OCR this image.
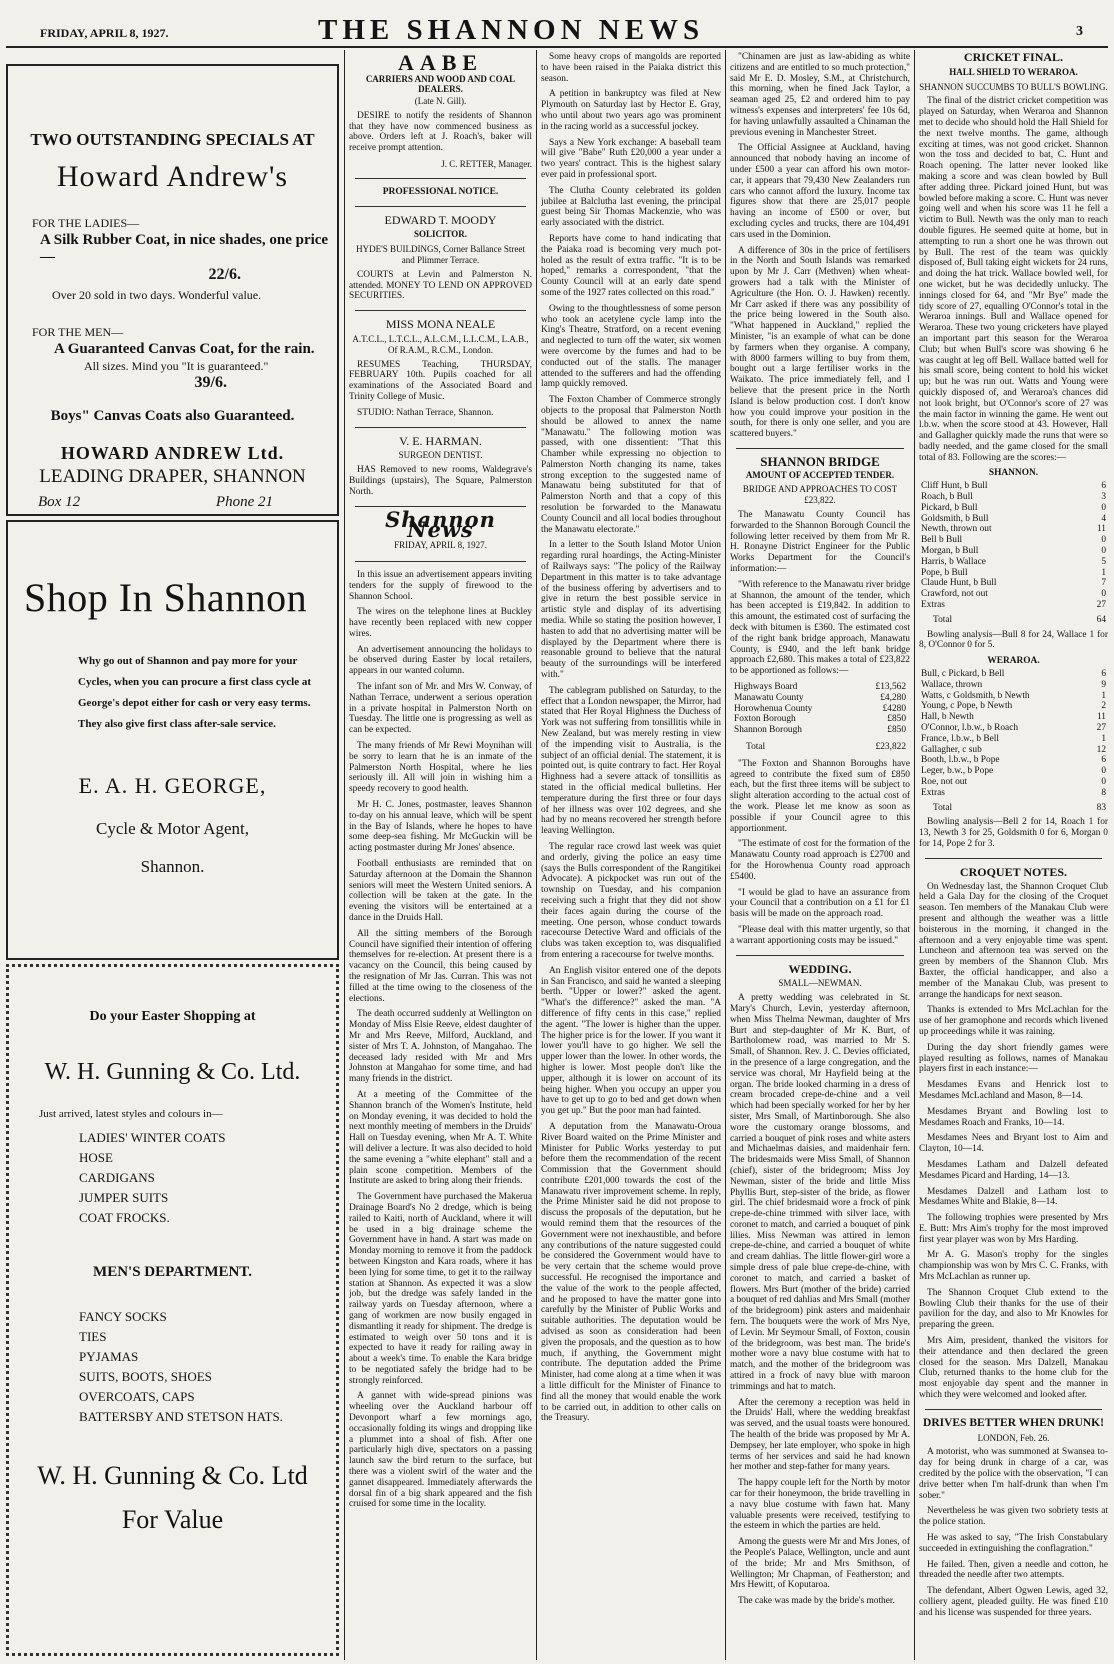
FRIDAY, APRIL 8, 1927.	THE SHANNON NEWS	3
TWO OUTSTANDING SPECIALS AT
Howard Andrew's
FOR THE LADIES—
A Silk Rubber Coat, in nice shades, one price—
22/6.
Over 20 sold in two days. Wonderful value.
FOR THE MEN—
A Guaranteed Canvas Coat, for the rain.
All sizes. Mind you "It is guaranteed."
39/6.
Boys" Canvas Coats also Guaranteed.
HOWARD ANDREW Ltd.
LEADING DRAPER, SHANNON
Box 12	Phone 21
Shop In Shannon
Why go out of Shannon and pay more for your Cycles, when you can procure a first class cycle at George's depot either for cash or very easy terms. They also give first class after-sale service.
E. A. H. GEORGE,
Cycle & Motor Agent,
Shannon.
Do your Easter Shopping at
W. H. Gunning & Co. Ltd.
Just arrived, latest styles and colours in—
LADIES' WINTER COATS
HOSE
CARDIGANS
JUMPER SUITS
COAT FROCKS.
MEN'S DEPARTMENT.
FANCY SOCKS
TIES
PYJAMAS
SUITS, BOOTS, SHOES
OVERCOATS, CAPS
BATTERSBY AND STETSON HATS.
W. H. Gunning & Co. Ltd
For Value
AABE
CARRIERS AND WOOD AND COAL DEALERS.
(Late N. Gill).

DESIRE to notify the residents of Shannon that they have now commenced business as above. Orders left at J. Roach's, baker will receive prompt attention.

J. C. RETTER, Manager.
PROFESSIONAL NOTICE.
EDWARD T. MOODY
SOLICITOR.
HYDE'S BUILDINGS, Corner Ballance Street and Plimmer Terrace.

COURTS at Levin and Palmerston N. attended. MONEY TO LEND ON APPROVED SECURITIES.

MISS MONA NEALE
A.T.C.L., L.T.C.L., A.L.C.M., L.L.C.M., L.A.B., Of R.A.M., R.C.M., London.

RESUMES Teaching, THURSDAY, FEBRUARY 10th. Pupils coached for all examinations of the Associated Board and Trinity College of Music.

STUDIO: Nathan Terrace, Shannon.

V. E. HARMAN.
SURGEON DENTIST.

HAS Removed to new rooms, Waldegrave's Buildings (upstairs), The Square, Palmerston North.

Shannon News
FRIDAY, APRIL 8, 1927.

In this issue an advertisement appears inviting tenders for the supply of firewood to the Shannon School.

The wires on the telephone lines at Buckley have recently been replaced with new copper wires.

An advertisement announcing the holidays to be observed during Easter by local retailers, appears in our wanted column.

The infant son of Mr. and Mrs W. Conway, of Nathan Terrace, underwent a serious operation in a private hospital in Palmerston North on Tuesday. The little one is progressing as well as can be expected.

The many friends of Mr Rewi Moynihan will be sorry to learn that he is an inmate of the Palmerston North Hospital, where he lies seriously ill. All will join in wishing him a speedy recovery to good health.

Mr H. C. Jones, postmaster, leaves Shannon to-day on his annual leave, which will be spent in the Bay of Islands, where he hopes to have some deep-sea fishing. Mr McGuckin will be acting postmaster during Mr Jones' absence.

Football enthusiasts are reminded that on Saturday afternoon at the Domain the Shannon seniors will meet the Western United seniors. A collection will be taken at the gate. In the evening the visitors will be entertained at a dance in the Druids Hall.

All the sitting members of the Borough Council have signified their intention of offering themselves for re-election. At present there is a vacancy on the Council, this being caused by the resignation of Mr Jas. Curran. This was not filled at the time owing to the closeness of the elections.

The death occurred suddenly at Wellington on Monday of Miss Elsie Reeve, eldest daughter of Mr and Mrs Reeve, Milford, Auckland, and sister of Mrs T. A. Johnston, of Mangahao. The deceased lady resided with Mr and Mrs Johnston at Mangahao for some time, and had many friends in the district.

At a meeting of the Committee of the Shannon branch of the Women's Institute, held on Monday evening, it was decided to hold the next monthly meeting of members in the Druids' Hall on Tuesday evening, when Mr A. T. White will deliver a lecture. It was also decided to hold the same evening a "white elephant" stall and a plain scone competition. Members of the Institute are asked to bring along their friends.

The Government have purchased the Makerua Drainage Board's No 2 dredge, which is being railed to Kaiti, north of Auckland, where it will be used in a big drainage scheme the Government have in hand. A start was made on Monday morning to remove it from the paddock between Kingston and Kara roads, where it has been lying for some time, to get it to the railway station at Shannon. As expected it was a slow job, but the dredge was safely landed in the railway yards on Tuesday afternoon, where a gang of workmen are now busily engaged in dismantling it ready for shipment. The dredge is estimated to weigh over 50 tons and it is expected to have it ready for railing away in about a week's time. To enable the Kara bridge to be negotiated safely the bridge had to be strongly reinforced.

A gannet with wide-spread pinions was wheeling over the Auckland harbour off Devonport wharf a few mornings ago, occasionally folding its wings and dropping like a plummet into a shoal of fish. After one particularly high dive, spectators on a passing launch saw the bird return to the surface, but there was a violent swirl of the water and the gannet disappeared. Immediately afterwards the dorsal fin of a big shark appeared and the fish cruised for some time in the locality.

Some heavy crops of mangolds are reported to have been raised in the Paiaka district this season.

A petition in bankruptcy was filed at New Plymouth on Saturday last by Hector E. Gray, who until about two years ago was prominent in the racing world as a successful jockey.

Says a New York exchange: A baseball team will give "Babe" Ruth £20,000 a year under a two years' contract. This is the highest salary ever paid in professional sport.

The Clutha County celebrated its golden jubilee at Balclutha last evening, the principal guest being Sir Thomas Mackenzie, who was early associated with the district.

Reports have come to hand indicating that the Paiaka road is becoming very much pot-holed as the result of extra traffic. "It is to be hoped," remarks a correspondent, "that the County Council will at an early date spend some of the 1927 rates collected on this road."

Owing to the thoughtlessness of some person who took an acetylene cycle lamp into the King's Theatre, Stratford, on a recent evening and neglected to turn off the water, six women were overcome by the fumes and had to be conducted out of the stalls. The manager attended to the sufferers and had the offending lamp quickly removed.

The Foxton Chamber of Commerce strongly objects to the proposal that Palmerston North should be allowed to annex the name "Manawatu." The following motion was passed, with one dissentient: "That this Chamber while expressing no objection to Palmerston North changing its name, takes strong exception to the suggested name of Manawatu being substituted for that of Palmerston North and that a copy of this resolution be forwarded to the Manawatu County Council and all local bodies throughout the Manawatu electorate."

In a letter to the South Island Motor Union regarding rural hoardings, the Acting-Minister of Railways says: "The policy of the Railway Department in this matter is to take advantage of the business offering by advertisers and to give in return the best possible service in artistic style and display of its advertising media. While so stating the position however, I hasten to add that no advertising matter will be displayed by the Department where there is reasonable ground to believe that the natural beauty of the surroundings will be interfered with."

The cablegram published on Saturday, to the effect that a London newspaper, the Mirror, had stated that Her Royal Highness the Duchess of York was not suffering from tonsillitis while in New Zealand, but was merely resting in view of the impending visit to Australia, is the subject of an official denial. The statement, it is pointed out, is quite contrary to fact. Her Royal Highness had a severe attack of tonsillitis as stated in the official medical bulletins. Her temperature during the first three or four days of her illness was over 102 degrees, and she had by no means recovered her strength before leaving Wellington.

The regular race crowd last week was quiet and orderly, giving the police an easy time (says the Bulls correspondent of the Rangitikei Advocate). A pickpocket was run out of the township on Tuesday, and his companion receiving such a fright that they did not show their faces again during the course of the meeting. One person, whose conduct towards racecourse Detective Ward and officials of the clubs was taken exception to, was disqualified from entering a racecourse for twelve months.

An English visitor entered one of the depots in San Francisco, and said he wanted a sleeping berth. "Upper or lower?" asked the agent. "What's the difference?" asked the man. "A difference of fifty cents in this case," replied the agent. "The lower is higher than the upper. The higher price is for the lower. If you want it lower you'll have to go higher. We sell the upper lower than the lower. In other words, the higher is lower. Most people don't like the upper, although it is lower on account of its being higher. When you occupy an upper you have to get up to go to bed and get down when you get up." But the poor man had fainted.

A deputation from the Manawatu-Oroua River Board waited on the Prime Minister and Minister for Public Works yesterday to put before them the recommendation of the recent Commission that the Government should contribute £201,000 towards the cost of the Manawatu river improvement scheme. In reply, the Prime Minister said he did not propose to discuss the proposals of the deputation, but he would remind them that the resources of the Government were not inexhaustible, and before any contributions of the nature suggested could be considered the Government would have to be very certain that the scheme would prove successful. He recognised the importance and the value of the work to the people affected, and he proposed to have the matter gone into carefully by the Minister of Public Works and suitable authorities. The deputation would be advised as soon as consideration had been given the proposals, and the question as to how much, if anything, the Government might contribute. The deputation added the Prime Minister, had come along at a time when it was a little difficult for the Minister of Finance to find all the money that would enable the work to be carried out, in addition to other calls on the Treasury.

"Chinamen are just as law-abiding as white citizens and are entitled to so much protection," said Mr E. D. Mosley, S.M., at Christchurch, this morning, when he fined Jack Taylor, a seaman aged 25, £2 and ordered him to pay witness's expenses and interpreters' fee 10s 6d, for having unlawfully assaulted a Chinaman the previous evening in Manchester Street.

The Official Assignee at Auckland, having announced that nobody having an income of under £500 a year can afford his own motor-car, it appears that 79,430 New Zealanders run cars who cannot afford the luxury. Income tax figures show that there are 25,017 people having an income of £500 or over, but excluding cycles and trucks, there are 104,491 cars used in the Dominion.

A difference of 30s in the price of fertilisers in the North and South Islands was remarked upon by Mr J. Carr (Methven) when wheat-growers had a talk with the Minister of Agriculture (the Hon. O. J. Hawken) recently. Mr Carr asked if there was any possibility of the price being lowered in the South also. "What happened in Auckland," replied the Minister, "is an example of what can be done by farmers when they organise. A company, with 8000 farmers willing to buy from them, bought out a large fertiliser works in the Waikato. The price immediately fell, and I believe that the present price in the North Island is below production cost. I don't know how you could improve your position in the south, for there is only one seller, and you are scattered buyers."

SHANNON BRIDGE
AMOUNT OF ACCEPTED TENDER.
BRIDGE AND APPROACHES TO COST £23,822.

The Manawatu County Council has forwarded to the Shannon Borough Council the following letter received by them from Mr R. H. Ronayne District Engineer for the Public Works Department for the Council's information:—

"With reference to the Manawatu river bridge at Shannon, the amount of the tender, which has been accepted is £19,842. In addition to this amount, the estimated cost of surfacing the deck with bitumen is £360. The estimated cost of the right bank bridge approach, Manawatu County, is £940, and the left bank bridge approach £2,680. This makes a total of £23,822 to be apportioned as follows:—

Highways Board	£13,562
Manawatu County	£4,280
Horowhenua County	£4280
Foxton Borough	£850
Shannon Borough	£850
Total	£23,822

"The Foxton and Shannon Boroughs have agreed to contribute the fixed sum of £850 each, but the first three items will be subject to slight alteration according to the actual cost of the work. Please let me know as soon as possible if your Council agree to this apportionment.

"The estimate of cost for the formation of the Manawatu County road approach is £2700 and for the Horowhenua County road approach £5400.

"I would be glad to have an assurance from your Council that a contribution on a £1 for £1 basis will be made on the approach road.

"Please deal with this matter urgently, so that a warrant apportioning costs may be issued."

WEDDING.
SMALL—NEWMAN.

A pretty wedding was celebrated in St. Mary's Church, Levin, yesterday afternoon, when Miss Thelma Newman, daughter of Mrs Burt and step-daughter of Mr K. Burt, of Bartholomew road, was married to Mr S. Small, of Shannon. Rev. J. C. Devies officiated, in the presence of a large congregation, and the service was choral, Mr Hayfield being at the organ. The bride looked charming in a dress of cream brocaded crepe-de-chine and a veil which had been specially worked for her by her sister, Mrs Small, of Martinborough. She also wore the customary orange blossoms, and carried a bouquet of pink roses and white asters and Michaelmas daisies, and maidenhair fern. The bridesmaids were Miss Small, of Shannon (chief), sister of the bridegroom; Miss Joy Newman, sister of the bride and little Miss Phyllis Burt, step-sister of the bride, as flower girl. The chief bridesmaid wore a frock of pink crepe-de-chine trimmed with silver lace, with coronet to match, and carried a bouquet of pink lilies. Miss Newman was attired in lemon crepe-de-chine, and carried a bouquet of white and cream dahlias. The little flower-girl wore a simple dress of pale blue crepe-de-chine, with coronet to match, and carried a basket of flowers. Mrs Burt (mother of the bride) carried a bouquet of red dahlias and Mrs Small (mother of the bridegroom) pink asters and maidenhair fern. The bouquets were the work of Mrs Nye, of Levin. Mr Seymour Small, of Foxton, cousin of the bridegroom, was best man. The bride's mother wore a navy blue costume with hat to match, and the mother of the bridegroom was attired in a frock of navy blue with maroon trimmings and hat to match.

After the ceremony a reception was held in the Druids' Hall, where the wedding breakfast was served, and the usual toasts were honoured. The health of the bride was proposed by Mr A. Dempsey, her late employer, who spoke in high terms of her services and said he had known her mother and step-father for many years.

The happy couple left for the North by motor car for their honeymoon, the bride travelling in a navy blue costume with fawn hat. Many valuable presents were received, testifying to the esteem in which the parties are held.

Among the guests were Mr and Mrs Jones, of the People's Palace, Wellington, uncle and aunt of the bride; Mr and Mrs Smithson, of Wellington; Mr Chapman, of Featherston; and Mrs Hewitt, of Koputaroa.

The cake was made by the bride's mother.

CRICKET FINAL.
HALL SHIELD TO WERAROA.
SHANNON SUCCUMBS TO BULL'S BOWLING.

The final of the district cricket competition was played on Saturday, when Weraroa and Shannon met to decide who should hold the Hall Shield for the next twelve months. The game, although exciting at times, was not good cricket. Shannon won the toss and decided to bat, C. Hunt and Roach opening. The latter never looked like making a score and was clean bowled by Bull after adding three. Pickard joined Hunt, but was bowled before making a score. C. Hunt was never going well and when his score was 11 he fell a victim to Bull. Newth was the only man to reach double figures. He seemed quite at home, but in attempting to run a short one he was thrown out by Bull. The rest of the team was quickly disposed of, Bull taking eight wickets for 24 runs, and doing the hat trick. Wallace bowled well, for one wicket, but he was decidedly unlucky. The innings closed for 64, and "Mr Bye" made the tidy score of 27, equalling O'Connor's total in the Weraroa innings. Bull and Wallace opened for Weraroa. These two young cricketers have played an important part this season for the Weraroa Club; but when Bull's score was showing 6 he was caught at leg off Bell. Wallace batted well for his small score, being content to hold his wicket up; but he was run out. Watts and Young were quickly disposed of, and Weraroa's chances did not look bright, but O'Connor's score of 27 was the main factor in winning the game. He went out l.b.w. when the score stood at 43. However, Hall and Gallagher quickly made the runs that were so badly needed, and the game closed for the small total of 83. Following are the scores:—

SHANNON.
Cliff Hunt, b Bull	6
Roach, b Bull	3
Pickard, b Bull	0
Goldsmith, b Bull	4
Newth, thrown out	11
Bell b Bull	0
Morgan, b Bull	0
Harris, b Wallace	5
Pope, b Bull	1
Claude Hunt, b Bull	7
Crawford, not out	0
Extras	27
Total	64

Bowling analysis—Bull 8 for 24, Wallace 1 for 8, O'Connor 0 for 5.

WERAROA.
Bull, c Pickard, b Bell	6
Wallace, thrown	9
Watts, c Goldsmith, b Newth	1
Young, c Pope, b Newth	2
Hall, b Newth	11
O'Connor, l.b.w., b Roach	27
France, l.b.w., b Bell	1
Gallagher, c sub	12
Booth, l.b.w., b Pope	6
Leger, b.w., b Pope	0
Roe, not out	0
Extras	8
Total	83

Bowling analysis—Bell 2 for 14, Roach 1 for 13, Newth 3 for 25, Goldsmith 0 for 6, Morgan 0 for 14, Pope 2 for 3.

CROQUET NOTES.

On Wednesday last, the Shannon Croquet Club held a Gala Day for the closing of the Croquet season. Ten members of the Manakau Club were present and although the weather was a little boisterous in the morning, it changed in the afternoon and a very enjoyable time was spent. Luncheon and afternoon tea was served on the green by members of the Shannon Club. Mrs Baxter, the official handicapper, and also a member of the Manakau Club, was present to arrange the handicaps for next season.

Thanks is extended to Mrs McLachlan for the use of her gramophone and records which livened up proceedings while it was raining.

During the day short friendly games were played resulting as follows, names of Manakau players first in each instance:—

Mesdames Evans and Henrick lost to Mesdames McLachland and Mason, 8—14.

Mesdames Bryant and Bowling lost to Mesdames Roach and Franks, 10—14.

Mesdames Nees and Bryant lost to Aim and Clayton, 10—14.

Mesdames Latham and Dalzell defeated Mesdames Picard and Harding, 14—13.

Mesdames Dalzell and Latham lost to Mesdames White and Blakie, 8—14.

The following trophies were presented by Mrs E. Butt: Mrs Aim's trophy for the most improved first year player was won by Mrs Harding.

Mr A. G. Mason's trophy for the singles championship was won by Mrs C. C. Franks, with Mrs McLachlan as runner up.

The Shannon Croquet Club extend to the Bowling Club their thanks for the use of their pavilion for the day, and also to Mr Knowles for preparing the green.

Mrs Aim, president, thanked the visitors for their attendance and then declared the green closed for the season. Mrs Dalzell, Manakau Club, returned thanks to the home club for the most enjoyable day spent and the manner in which they were welcomed and looked after.

DRIVES BETTER WHEN DRUNK!
LONDON, Feb. 26.

A motorist, who was summoned at Swansea to-day for being drunk in charge of a car, was credited by the police with the observation, "I can drive better when I'm half-drunk than when I'm sober."

Nevertheless he was given two sobriety tests at the police station.

He was asked to say, "The Irish Constabulary succeeded in extinguishing the conflagration."

He failed. Then, given a needle and cotton, he threaded the needle after two attempts.

The defendant, Albert Ogwen Lewis, aged 32, colliery agent, pleaded guilty. He was fined £10 and his license was suspended for three years.
